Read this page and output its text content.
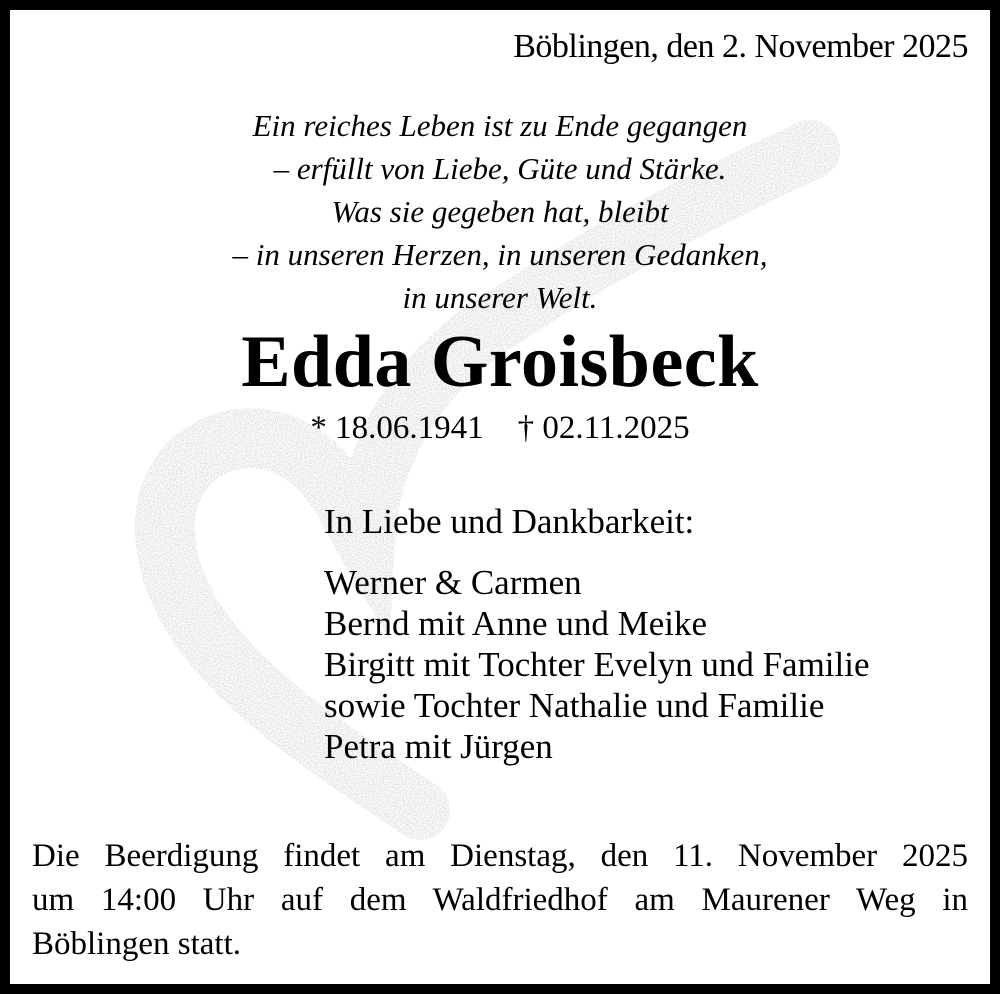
Böblingen, den 2. November 2025
Ein reiches Leben ist zu Ende gegangen
– erfüllt von Liebe, Güte und Stärke.
Was sie gegeben hat, bleibt
– in unseren Herzen, in unseren Gedanken,
in unserer Welt.
Edda Groisbeck
* 18.06.1941 † 02.11.2025
In Liebe und Dankbarkeit:
Werner & Carmen
Bernd mit Anne und Meike
Birgitt mit Tochter Evelyn und Familie
sowie Tochter Nathalie und Familie
Petra mit Jürgen
Die Beerdigung findet am Dienstag, den 11. November 2025
um 14:00 Uhr auf dem Waldfriedhof am Maurener Weg in
Böblingen statt.
